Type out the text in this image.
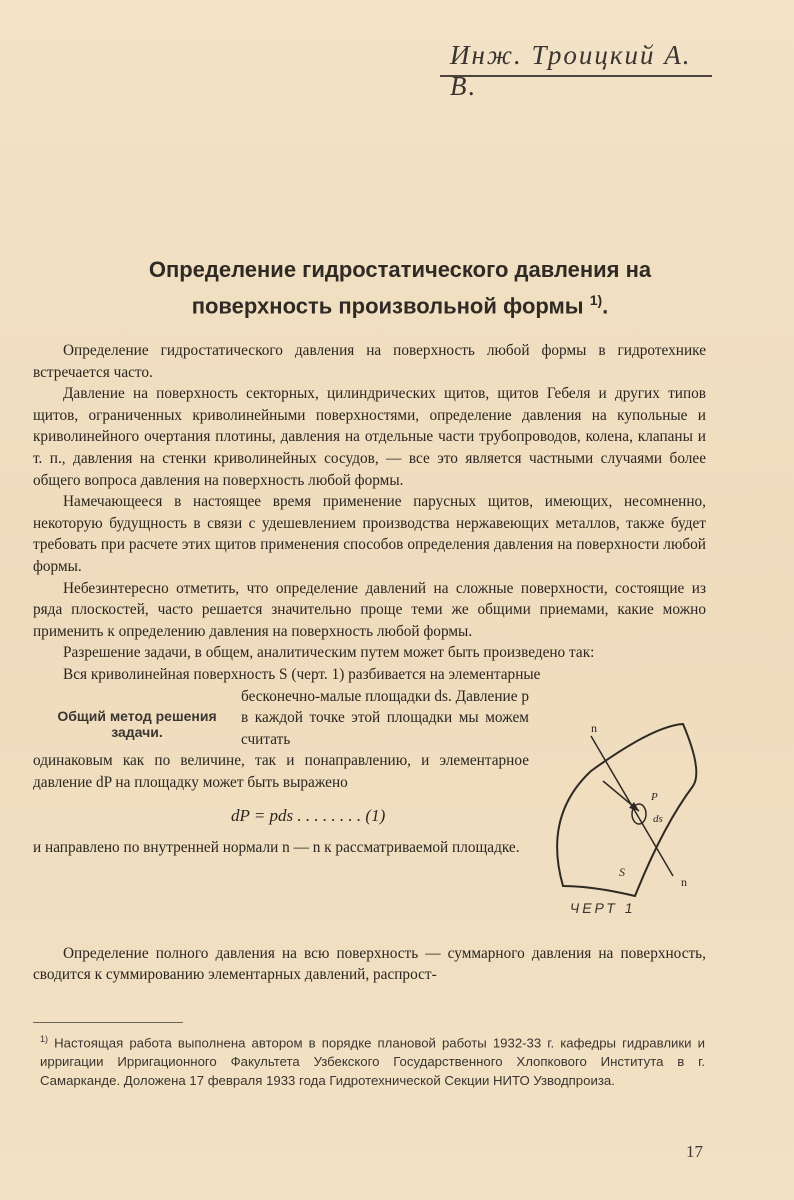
Инж. Троицкий А. В.
Определение гидростатического давления на
поверхность произвольной формы $^{1)}$.

Определение гидростатического давления на поверхность любой формы в гидротехнике встречается часто.

Давление на поверхность секторных, цилиндрических щитов, щитов Гебеля и других типов щитов, ограниченных криволинейными поверхностями, определение давления на купольные и криволинейного очертания плотины, давления на отдельные части трубопроводов, колена, клапаны и т. п., давления на стенки криволинейных сосудов, — все это является частными случаями более общего вопроса давления на поверхность любой формы.

Намечающееся в настоящее время применение парусных щитов, имеющих, несомненно, некоторую будущность в связи с удешевлением производства нержавеющих металлов, также будет требовать при расчете этих щитов применения способов определения давления на поверхности любой формы.

Небезинтересно отметить, что определение давлений на сложные поверхности, состоящие из ряда плоскостей, часто решается значительно проще теми же общими приемами, какие можно применить к определению давления на поверхность любой формы.

Разрешение задачи, в общем, аналитическим путем может быть произведено так:

Вся криволинейная поверхность S (черт. 1) разбивается на элементарные

Общий метод решения задачи.
бесконечно-малые площадки ds. Давление p в каждой точке этой площадки мы можем считать
одинаковым как по величине, так и понаправлению, и элементарное давление dP на площадку может быть выражено
dP = pds . . . . . . . . (1)
и направлено по внутренней нормали n — n к рассматриваемой площадке.
n
P
ds
S
n
ЧЕРТ 1

Определение полного давления на всю поверхность — суммарного давления на поверхность, сводится к суммированию элементарных давлений, распрост-

$^{1)}$ Настоящая работа выполнена автором в порядке плановой работы 1932-33 г. кафедры гидравлики и ирригации Ирригационного Факультета Узбекского Государственного Хлопкового Института в г. Самарканде. Доложена 17 февраля 1933 года Гидротехнической Секции НИТО Узводпроиза.
17
